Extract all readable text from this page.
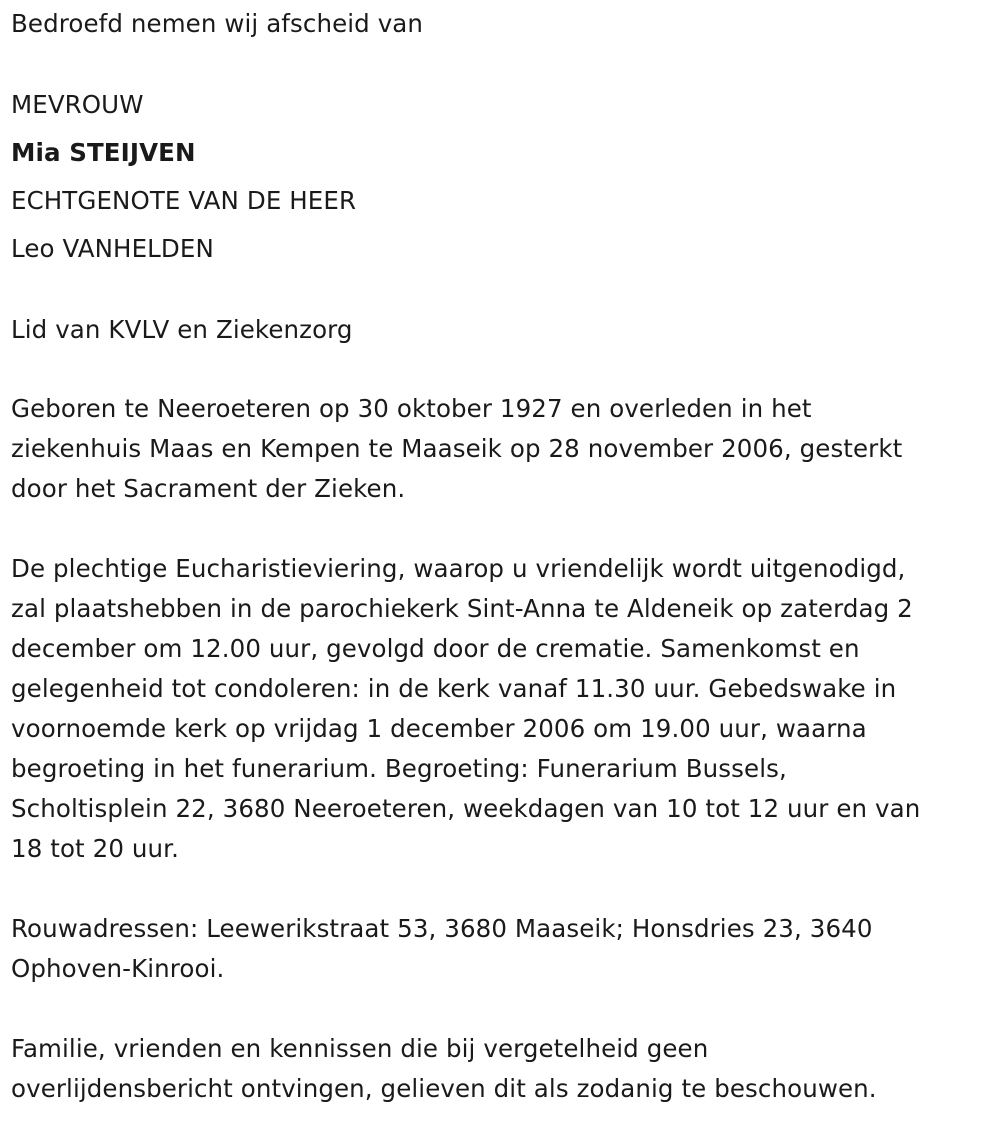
Bedroefd nemen wij afscheid van
MEVROUW
Mia STEIJVEN
ECHTGENOTE VAN DE HEER
Leo VANHELDEN
Lid van KVLV en Ziekenzorg

Geboren te Neeroeteren op 30 oktober 1927 en overleden in het
ziekenhuis Maas en Kempen te Maaseik op 28 november 2006, gesterkt
door het Sacrament der Zieken.

De plechtige Eucharistieviering, waarop u vriendelijk wordt uitgenodigd,
zal plaatshebben in de parochiekerk Sint-Anna te Aldeneik op zaterdag 2
december om 12.00 uur, gevolgd door de crematie. Samenkomst en
gelegenheid tot condoleren: in de kerk vanaf 11.30 uur. Gebedswake in
voornoemde kerk op vrijdag 1 december 2006 om 19.00 uur, waarna
begroeting in het funerarium. Begroeting: Funerarium Bussels,
Scholtisplein 22, 3680 Neeroeteren, weekdagen van 10 tot 12 uur en van
18 tot 20 uur.

Rouwadressen: Leewerikstraat 53, 3680 Maaseik; Honsdries 23, 3640
Ophoven-Kinrooi.

Familie, vrienden en kennissen die bij vergetelheid geen
overlijdensbericht ontvingen, gelieven dit als zodanig te beschouwen.
